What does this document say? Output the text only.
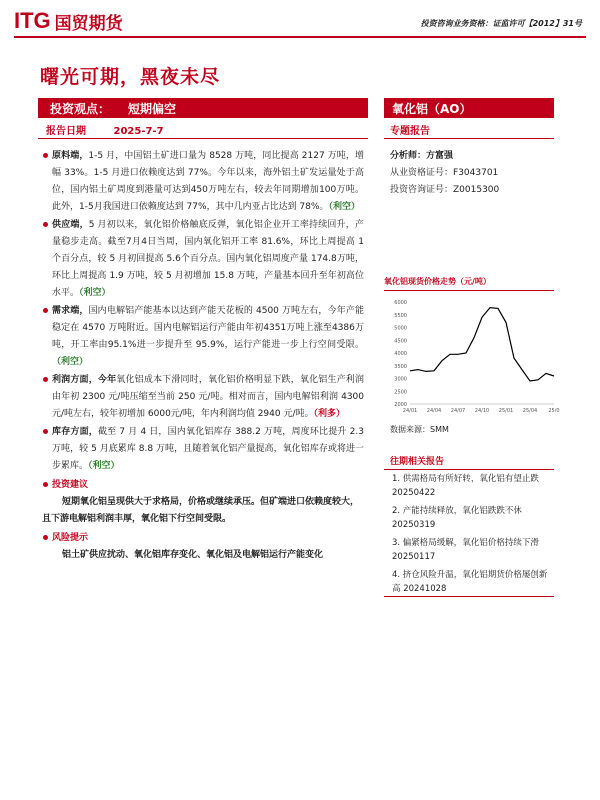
ITG 国贸期货	投资咨询业务资格：证监许可【2012】31号
曙光可期，黑夜未尽
投资观点： 短期偏空	氧化铝（AO）
报告日期	2025-7-7	专题报告
原料端，1-5 月，中国铝土矿进口量为 8528 万吨，同比提高 2127 万吨，增幅 33%。1-5 月进口依赖度达到 77%。今年以来，海外铝土矿发运量处于高位，国内铝土矿周度到港量可达到450万吨左右，较去年同期增加100万吨。此外，1-5月我国进口依赖度达到 77%，其中几内亚占比达到 78%。（利空）
供应端，5 月初以来，氧化铝价格触底反弹，氧化铝企业开工率持续回升，产量稳步走高。截至7月4日当周，国内氧化铝开工率 81.6%，环比上周提高 1 个百分点，较 5 月初回提高 5.6个百分点。国内氧化铝周度产量 174.8万吨，环比上周提高 1.9 万吨，较 5 月初增加 15.8 万吨，产量基本回升至年初高位水平。（利空）
需求端，国内电解铝产能基本以达到产能天花板的 4500 万吨左右，今年产能稳定在 4570 万吨附近。国内电解铝运行产能由年初4351万吨上涨至4386万吨，开工率由95.1%进一步提升至 95.9%，运行产能进一步上行空间受限。（利空）
利润方面，今年氧化铝成本下滑同时，氧化铝价格明显下跌，氧化铝生产利润由年初 2300 元/吨压缩至当前 250 元/吨。相对而言，国内电解铝利润 4300 元/吨左右，较年初增加 6000元/吨，年内利润均值 2940 元/吨。（利多）
库存方面，截至 7 月 4 日，国内氧化铝库存 388.2 万吨，周度环比提升 2.3 万吨，较 5 月底累库 8.8 万吨，且随着氧化铝产量提高，氧化铝库存或将进一步累库。（利空）
投资建议
短期氧化铝呈现供大于求格局，价格或继续承压。但矿端进口依赖度较大，且下游电解铝利润丰厚，氧化铝下行空间受限。
风险提示
铝土矿供应扰动、氧化铝库存变化、氧化铝及电解铝运行产能变化
分析师：方富强
从业资格证号：F3043701
投资咨询证号：Z0015300
氧化铝现货价格走势（元/吨）
2000
2500
3000
3500
4000
4500
5000
5500
6000
24/01 24/04 24/07 24/10 25/01 25/04 25/0
数据来源：SMM
往期相关报告
1. 供需格局有所好转，氧化铝有望止跌 20250422
2. 产能持续释放，氧化铝跌跌不休 20250319
3. 偏紧格局缓解，氧化铝价格持续下滑 20250117
4. 挤仓风险升温，氧化铝期货价格屡创新高 20241028
